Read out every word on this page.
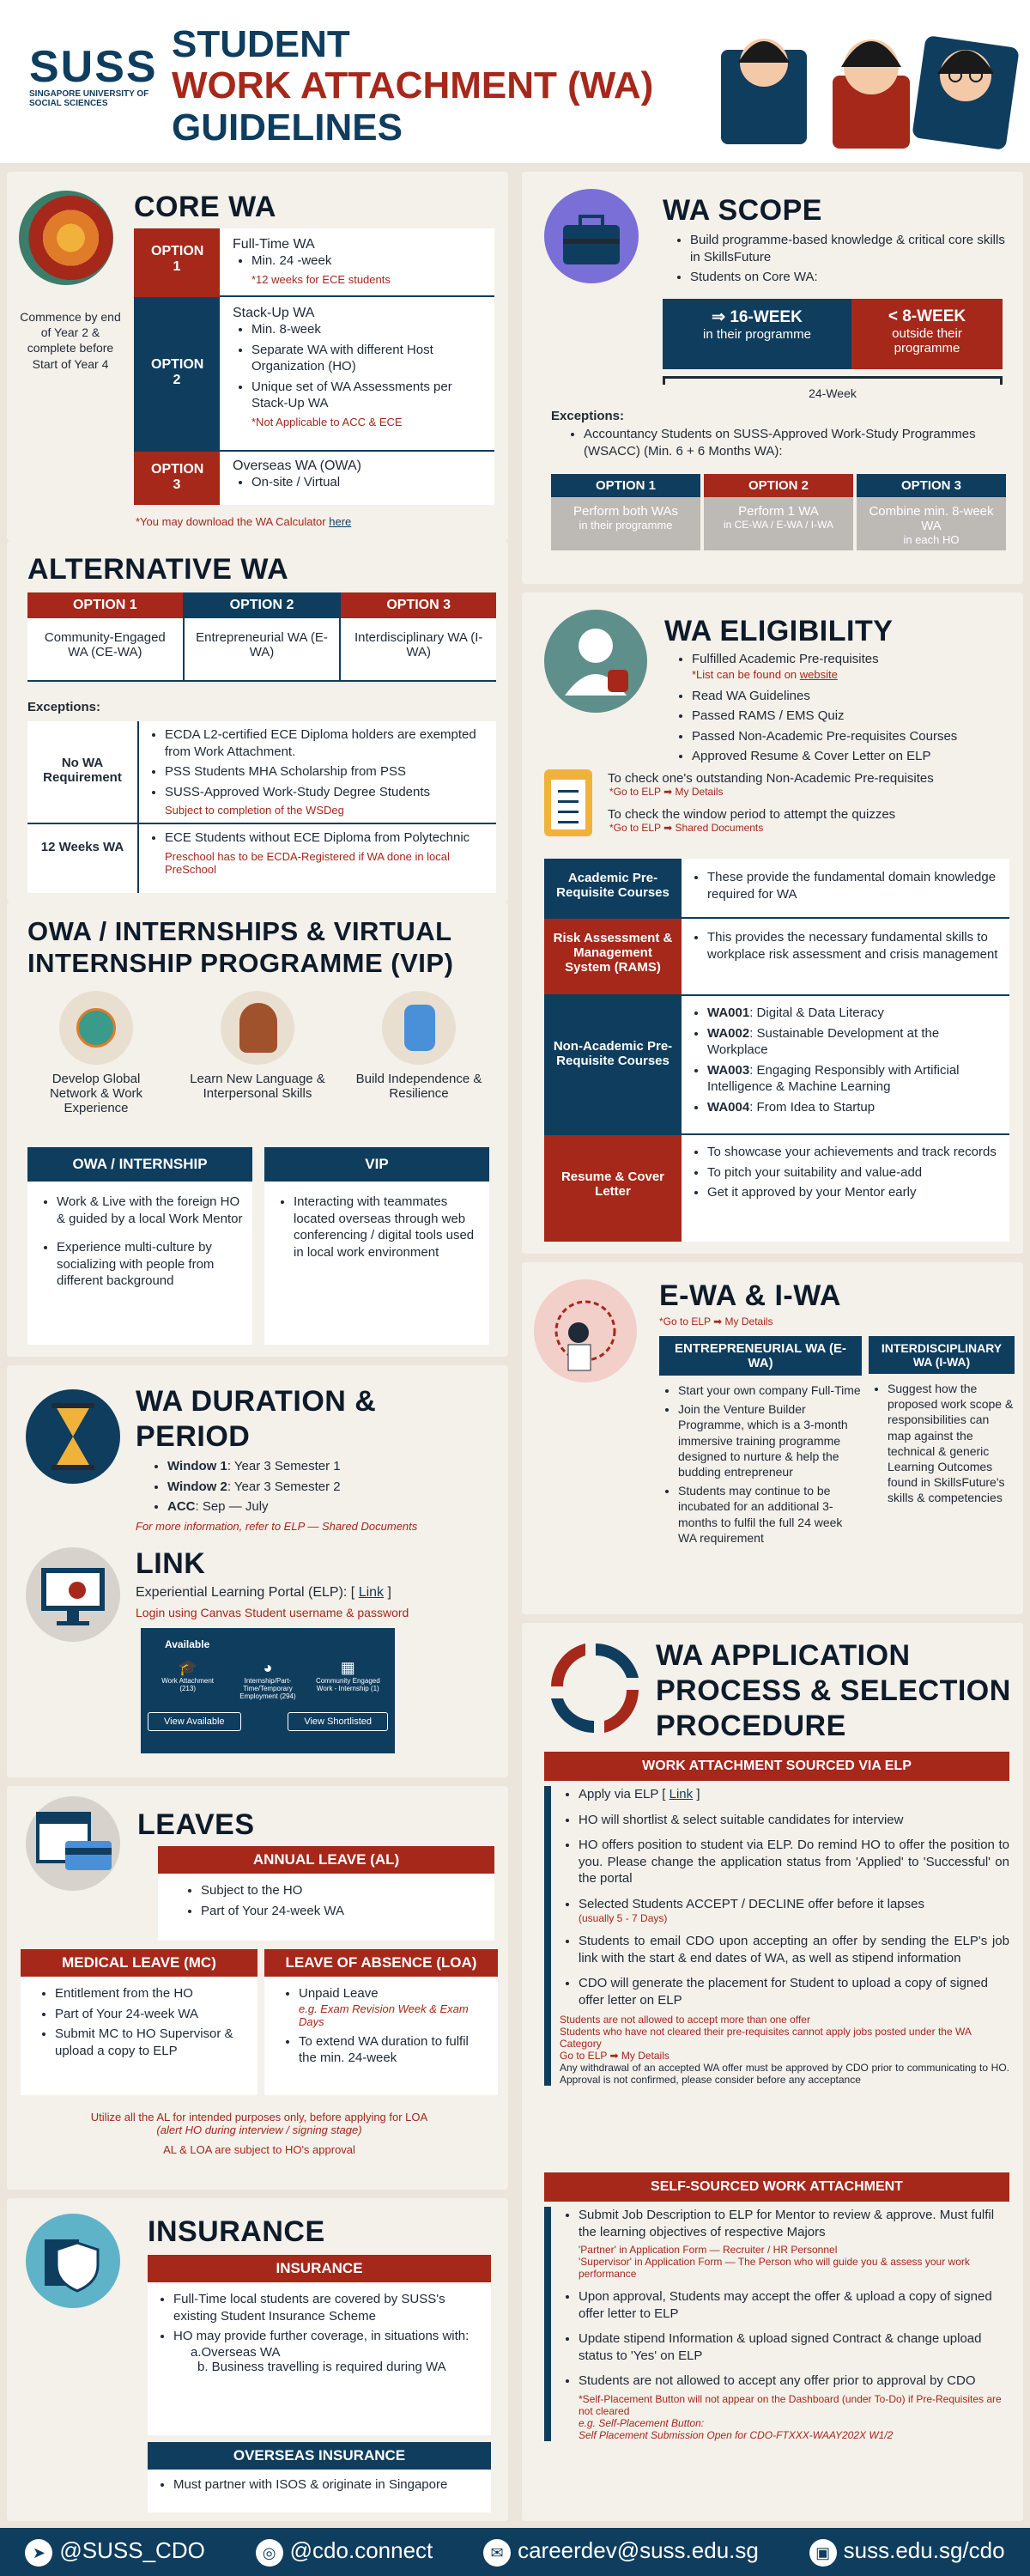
SUSS
SINGAPORE UNIVERSITY OF SOCIAL SCIENCES
STUDENT
WORK ATTACHMENT (WA)
GUIDELINES
CORE WA
Commence by end of Year 2 & complete before Start of Year 4
OPTION 1
Full-Time WA
• Min. 24 -week
*12 weeks for ECE students
OPTION 2
Stack-Up WA
• Min. 8-week
• Separate WA with different Host Organization (HO)
• Unique set of WA Assessments per Stack-Up WA
*Not Applicable to ACC & ECE
OPTION 3
Overseas WA (OWA)
• On-site / Virtual
*You may download the WA Calculator here
ALTERNATIVE WA
OPTION 1
Community-Engaged WA (CE-WA)
OPTION 2
Entrepreneurial WA (E-WA)
OPTION 3
Interdisciplinary WA (I-WA)
Exceptions:
No WA Requirement
• ECDA L2-certified ECE Diploma holders are exempted from Work Attachment.
• PSS Students MHA Scholarship from PSS
• SUSS-Approved Work-Study Degree Students
Subject to completion of the WSDeg
12 Weeks WA
• ECE Students without ECE Diploma from Polytechnic
Preschool has to be ECDA-Registered if WA done in local PreSchool
OWA / INTERNSHIPS & VIRTUAL INTERNSHIP PROGRAMME (VIP)
Develop Global Network & Work Experience
Learn New Language & Interpersonal Skills
Build Independence & Resilience
OWA / INTERNSHIP
• Work & Live with the foreign HO & guided by a local Work Mentor
• Experience multi-culture by socializing with people from different background
VIP
• Interacting with teammates located overseas through web conferencing / digital tools used in local work environment
WA DURATION & PERIOD
• Window 1: Year 3 Semester 1
• Window 2: Year 3 Semester 2
• ACC: Sep — July
For more information, refer to ELP — Shared Documents
LINK
Experiential Learning Portal (ELP): [ Link ]
Login using Canvas Student username & password
Available
🎓
Work Attachment (213)
◕
Internship/Part-Time/Temporary Employment (294)
▦
Community Engaged Work - Internship (1)
View Available	View Shortlisted
LEAVES
ANNUAL LEAVE (AL)
• Subject to the HO
• Part of Your 24-week WA
MEDICAL LEAVE (MC)
• Entitlement from the HO
• Part of Your 24-week WA
• Submit MC to HO Supervisor & upload a copy to ELP
LEAVE OF ABSENCE (LOA)
• Unpaid Leave
e.g. Exam Revision Week & Exam Days
• To extend WA duration to fulfil the min. 24-week
Utilize all the AL for intended purposes only, before applying for LOA
(alert HO during interview / signing stage)
AL & LOA are subject to HO's approval
INSURANCE
INSURANCE
• Full-Time local students are covered by SUSS's existing Student Insurance Scheme
• HO may provide further coverage, in situations with:
a.Overseas WA
b. Business travelling is required during WA
OVERSEAS INSURANCE
• Must partner with ISOS & originate in Singapore
WA SCOPE
• Build programme-based knowledge & critical core skills in SkillsFuture
• Students on Core WA:
⇒ 16-WEEK
in their programme
< 8-WEEK
outside their programme
24-Week
Exceptions:
• Accountancy Students on SUSS-Approved Work-Study Programmes (WSACC) (Min. 6 + 6 Months WA):
OPTION 1
Perform both WAs
in their programme
OPTION 2
Perform 1 WA
in CE-WA / E-WA / I-WA
OPTION 3
Combine min. 8-week WA
in each HO
WA ELIGIBILITY
• Fulfilled Academic Pre-requisites
*List can be found on website
• Read WA Guidelines
• Passed RAMS / EMS Quiz
• Passed Non-Academic Pre-requisites Courses
• Approved Resume & Cover Letter on ELP
To check one's outstanding Non-Academic Pre-requisites
*Go to ELP ➡ My Details
To check the window period to attempt the quizzes
*Go to ELP ➡ Shared Documents
Academic Pre-Requisite Courses
• These provide the fundamental domain knowledge required for WA
Risk Assessment & Management System (RAMS)
• This provides the necessary fundamental skills to workplace risk assessment and crisis management
Non-Academic Pre-Requisite Courses
• WA001: Digital & Data Literacy
• WA002: Sustainable Development at the Workplace
• WA003: Engaging Responsibly with Artificial Intelligence & Machine Learning
• WA004: From Idea to Startup
Resume & Cover Letter
• To showcase your achievements and track records
• To pitch your suitability and value-add
• Get it approved by your Mentor early
E-WA & I-WA
*Go to ELP ➡ My Details
ENTREPRENEURIAL WA (E-WA)
• Start your own company Full-Time
• Join the Venture Builder Programme, which is a 3-month immersive training programme designed to nurture & help the budding entrepreneur
• Students may continue to be incubated for an additional 3-months to fulfil the full 24 week WA requirement
INTERDISCIPLINARY WA (I-WA)
• Suggest how the proposed work scope & responsibilities can map against the technical & generic Learning Outcomes found in SkillsFuture's skills & competencies
WA APPLICATION PROCESS & SELECTION PROCEDURE
WORK ATTACHMENT SOURCED VIA ELP
• Apply via ELP [ Link ]
• HO will shortlist & select suitable candidates for interview
• HO offers position to student via ELP. Do remind HO to offer the position to you. Please change the application status from 'Applied' to 'Successful' on the portal
• Selected Students ACCEPT / DECLINE offer before it lapses
(usually 5 - 7 Days)
• Students to email CDO upon accepting an offer by sending the ELP's job link with the start & end dates of WA, as well as stipend information
• CDO will generate the placement for Student to upload a copy of signed offer letter on ELP
Students are not allowed to accept more than one offer
Students who have not cleared their pre-requisites cannot apply jobs posted under the WA Category
Go to ELP ➡ My Details
Any withdrawal of an accepted WA offer must be approved by CDO prior to communicating to HO. Approval is not confirmed, please consider before any acceptance
SELF-SOURCED WORK ATTACHMENT
• Submit Job Description to ELP for Mentor to review & approve. Must fulfil the learning objectives of respective Majors
'Partner' in Application Form — Recruiter / HR Personnel
'Supervisor' in Application Form — The Person who will guide you & assess your work performance
• Upon approval, Students may accept the offer & upload a copy of signed offer letter to ELP
• Update stipend Information & upload signed Contract & change upload status to 'Yes' on ELP
• Students are not allowed to accept any offer prior to approval by CDO
*Self-Placement Button will not appear on the Dashboard (under To-Do) if Pre-Requisites are not cleared
e.g. Self-Placement Button:
Self Placement Submission Open for CDO-FTXXX-WAAY202X W1/2
➤ @SUSS_CDO	◎ @cdo.connect	✉ careerdev@suss.edu.sg	▣ suss.edu.sg/cdo
